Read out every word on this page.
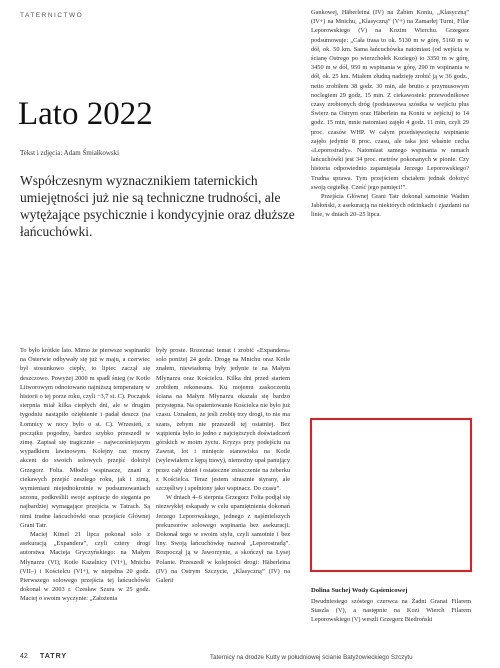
TATERNICTWO
Lato 2022
Tekst i zdjęcia: Adam Śmiałkowski
Współczesnym wyznacznikiem taternickich umiejętności już nie są techniczne trudności, ale wytężające psychicznie i kondycyjnie oraz dłuższe łańcuchówki.

To było krótkie lato. Mimo że pierwsze wspinanki na Osterwie odbywały się już w maju, a czerwiec był stosunkowo ciepły, to lipiec zaczął się deszczowo. Powyżej 2000 m spadł śnieg (w Kotle Litworowym odnotowano najniższą temperaturę w historii o tej porze roku, czyli −3,7 st. C). Początek sierpnia miał kilka ciepłych dni, ale w drugim tygodniu nastąpiło ożiębienie i padał deszcz (na Łomnicy w nocy było o st. C). Wrzesień, z początku pogodny, bardzo szybko przeszedł w zimę. Zapisał się tragicznie – najwcześniejszym wypadkiem lawinowym. Kolejny raz mocny akcent do swoich solowych przejść dołożył Grzegorz Folta. Młodzi wspinacze, znani z ciekawych przejść zeszłego roku, jak i zimą, wymieniani niejednokrotnie w podsumowaniach sezonu, podkreślili swoje aspiracje do sięgania po najbardziej wymagające przejścia w Tatrach. Są nimi trudne łańcuchówki oraz przejście Głównej Grani Tatr.

Maciej Kimel 21 lipca pokonał solo z asekuracją „Expandera”, czyli cztery drogi autorstwa Macieja Gryczyńskiego: na Małym Młynarzu (VI), Kotle Kazalnicy (VI+), Mnichu (VII–) i Kościelcu (VI+), w niepełna 20 godz. Pierwszego solowego przejścia tej łańcuchówki dokonał w 2003 r. Czesław Szura w 25 godz. Maciej o swoim wyczynie: „Założenia

były proste. Rozeznać temat i zrobić «Expandera» solo poniżej 24 godz. Drogę na Mnichu oraz Kotle znałem, niewiadomą były jedynie te na Małym Młynarzu oraz Kościelcu. Kilka dni przed startem zrobiłem rekonesans. Ku mojemu zaskoczeniu ściana na Małym Młynarzu okazała się bardzo przystępna. Na opatentowanie Kościelca nie było już czasu. Uznałem, że jeśli zrobię trzy drogi, to nie ma szans, żebym nie przeszedł tej ostatniej. Bez wątpienia było to jedno z najcięższych doświadczeń górskich w moim życiu. Kryzys przy podejściu na Zawrat, lot i minięcie stanowiska na Kotle (wylewiałem z kępą trawy), niemożny upał panujący przez cały dzień i ostateczne zniszczenie na żeberku z Kościelca. Teraz jestem strasznie styrany, ale szczęśliwy i spełniony jako wspinacz. Do czasu”.

W dniach 4–6 sierpnia Grzegorz Folta podjął się niezwykłej eskapady w celu upamiętnienia dokonań Jerzego Leporowskiego, jednego z najśmielszych prekursorów solowego wspinania bez asekuracji. Dokonał tego w swoim stylu, czyli samotnie i bez liny. Swoją łańcuchówkę nazwał „Leporostradą”. Rozpoczął ją w Jaworzynie, a skończył na Łysej Polanie. Przeszedł w kolejności drogi: Häberleina (IV) na Ostrym Szczycie, „Klasyczną” (IV) na Galerii

Gankowej, Häberleina (IV) na Żabim Koniu, „Klasyczną” (IV+) na Mnichu, „Klasyczną” (V+) na Zamarłej Turni, Filar Leporowskiego (V) na Kozim Wierchu. Grzegorz podsumowuje: „Cała trasa to ok. 5130 m w górę, 5160 m w dół, ok. 50 km. Sama łańcuchówka natomiast (od wejścia w ścianę Ostrego po wierzchołek Koziego) to 3350 m w górę, 3450 m w dół, 950 m wspinania w górę, 290 m wspinania w dół, ok. 25 km. Miałem złudną nadzieję zrobić ją w 36 godz., netto zrobiłem 38 godz. 30 min, ale brutto z przymusowym noclegiem 29 godz. 15 min. Z ciekawostek: przewodnikowe czasy zrobionych dróg (podstawowa szóstka w wejściu plus Świerz na Ostrym oraz Häberlein na Koniu w zejściu) to 14 godz. 15 min, mnie natomiast zajęło 4 godz. 11 min, czyli 29 proc. czasów WHP. W całym przedsięwzięciu wspinanie zajęło jedynie 8 proc. czasu, ale taka jest właśnie cecha «Leporostrady». Natomiast samego wspinania w ramach łańcuchówki jest 34 proc. metrów pokonanych w pionie. Czy historia odpowiednio zapamiętała Jerzego Leporowskiego? Trudna sprawa. Tym przejściem chciałem jednak dołożyć swoją cegiełkę. Cześć jego pamięci!”.

Przejścia Głównej Grani Tatr dokonał samotnie Wadim Jabłoński, z asekuracją na niektórych odcinkach i zjazdami na linie, w dniach 20–25 lipca.

Dolina Suchej Wody Gąsienicowej
Dwudniestego szóstego czerwca na Żadni Granat Filarem Staszla (V), a następnie na Kozi Wierch Filarem Leporowskiego (V) weszli Grzegorz Biedroński
42 TATRY	Taternicy na drodze Kutty w południowej ścianie Batyżowieckiego Szczytu
